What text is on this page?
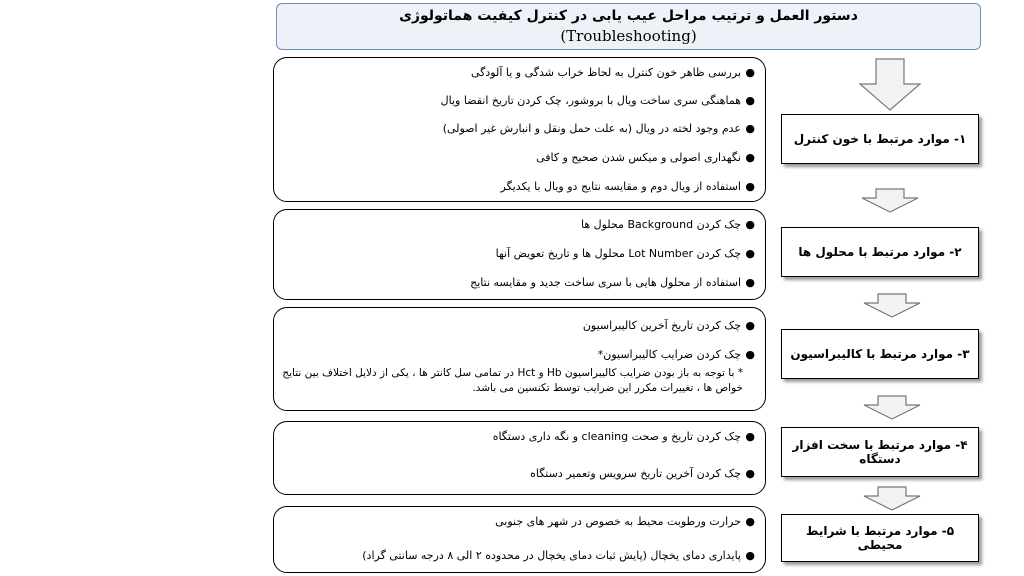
دستور العمل و ترتیب مراحل عیب یابی در کنترل کیفیت هماتولوژی
(Troubleshooting)
●بررسی ظاهر خون کنترل به لحاظ خراب شدگی و یا آلودگی
●هماهنگی سری ساخت ویال با بروشور، چک کردن تاریخ انقضا ویال
●عدم وجود لخته در ویال (به علت حمل ونقل و انبارش غیر اصولی)
●نگهداری اصولی و میکس شدن صحیح و کافی
●استفاده از ویال دوم و مقایسه نتایج دو ویال با یکدیگر
۱- موارد مرتبط با خون کنترل
●چک کردن Background محلول ها
●چک کردن Lot Number محلول ها و تاریخ تعویض آنها
●استفاده از محلول هایی با سری ساخت جدید و مقایسه نتایج
۲- موارد مرتبط با محلول ها
●چک کردن تاریخ آخرین کالیبراسیون
●چک کردن ضرایب کالیبراسیون*
* با توجه به باز بودن ضرایب کالیبراسیون Hb و Hct در تمامی سل کانتر ها ، یکی از دلایل اختلاف بین نتایج خواص ها ، تغییرات مکرر این ضرایب توسط تکنسین می باشد.
۳- موارد مرتبط با کالیبراسیون
●چک کردن تاریخ و صحت cleaning و نگه داری دستگاه
●چک کردن آخرین تاریخ سرویس وتعمیر دستگاه
۴- موارد مرتبط با سخت افزار دستگاه
●حرارت ورطوبت محیط به خصوص در شهر های جنوبی
●پایداری دمای یخچال (پایش ثبات دمای یخچال در محدوده ۲ الی ۸ درجه سانتی گراد)
۵- موارد مرتبط با شرایط محیطی
